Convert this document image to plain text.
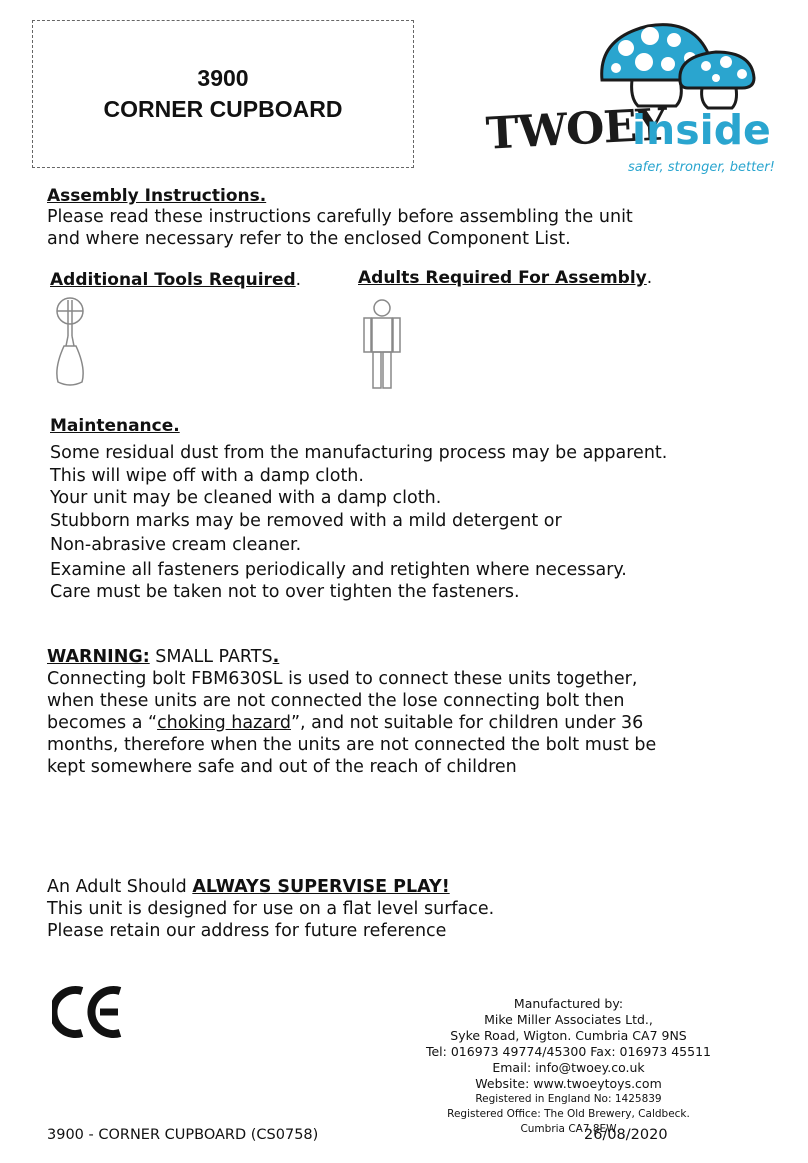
3900
CORNER CUPBOARD	TWOEY
inside
safer, stronger, better!
Assembly Instructions.
Please read these instructions carefully before assembling the unit
and where necessary refer to the enclosed Component List.
Additional Tools Required.	Adults Required For Assembly.
Maintenance.
Some residual dust from the manufacturing process may be apparent.
This will wipe off with a damp cloth.
Your unit may be cleaned with a damp cloth.
Stubborn marks may be removed with a mild detergent or
Non-abrasive cream cleaner.
Examine all fasteners periodically and retighten where necessary.
Care must be taken not to over tighten the fasteners.
WARNING: SMALL PARTS.
Connecting bolt FBM630SL is used to connect these units together,
when these units are not connected the lose connecting bolt then
becomes a “choking hazard”, and not suitable for children under 36
months, therefore when the units are not connected the bolt must be
kept somewhere safe and out of the reach of children
An Adult Should ALWAYS SUPERVISE PLAY!
This unit is designed for use on a flat level surface.
Please retain our address for future reference
Manufactured by:
Mike Miller Associates Ltd.,
Syke Road, Wigton. Cumbria CA7 9NS
Tel: 016973 49774/45300 Fax: 016973 45511
Email: info@twoey.co.uk
Website: www.twoeytoys.com
Registered in England No: 1425839
Registered Office: The Old Brewery, Caldbeck.
Cumbria CA7 8EW
3900 - CORNER CUPBOARD (CS0758)	26/08/2020
